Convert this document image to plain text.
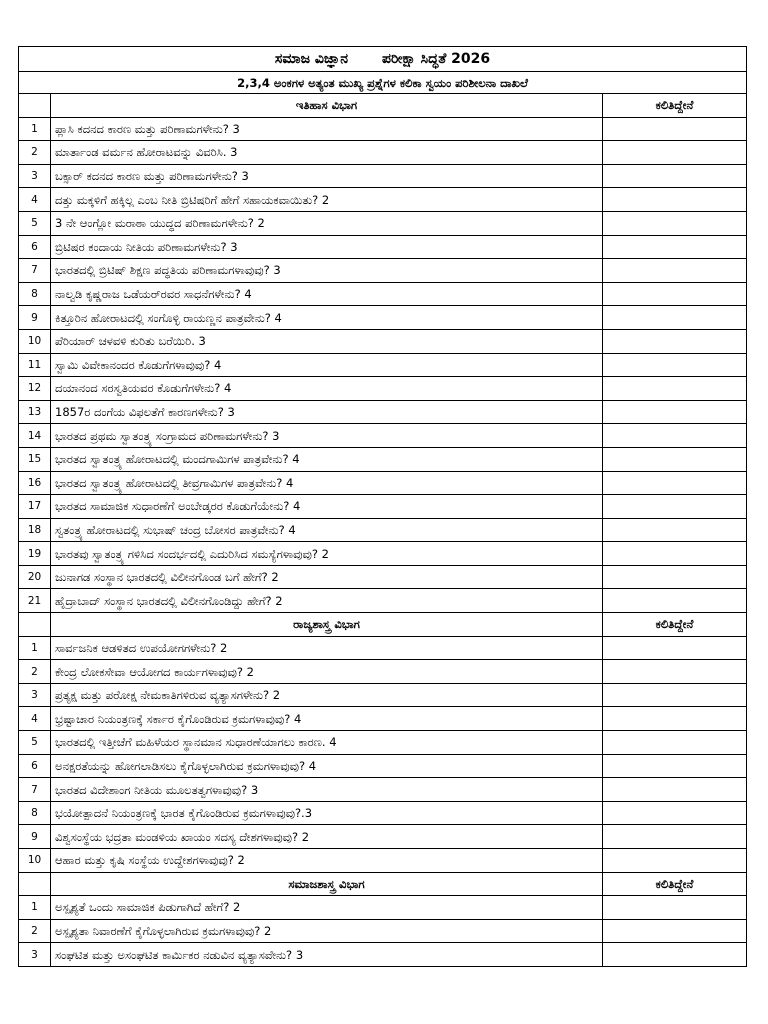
ಸಮಾಜ ವಿಜ್ಞಾನ ಪರೀಕ್ಷಾ ಸಿದ್ಧತೆ 2026		
2,3,4 ಅಂಕಗಳ ಅತ್ಯಂತ ಮುಖ್ಯ ಪ್ರಶ್ನೆಗಳ ಕಲಿಕಾ ಸ್ವಯಂ ಪರಿಶೀಲನಾ ದಾಖಲೆ		
	ಇತಿಹಾಸ ವಿಭಾಗ	ಕಲಿತಿದ್ದೇನೆ
1	ಪ್ಲಾಸಿ ಕದನದ ಕಾರಣ ಮತ್ತು ಪರಿಣಾಮಗಳೇನು? 3	
2	ಮಾರ್ತಾಂಡ ವರ್ಮನ ಹೋರಾಟವನ್ನು ವಿವರಿಸಿ. 3	
3	ಬಕ್ಸಾರ್ ಕದನದ ಕಾರಣ ಮತ್ತು ಪರಿಣಾಮಗಳೇನು? 3	
4	ದತ್ತು ಮಕ್ಕಳಿಗೆ ಹಕ್ಕಿಲ್ಲ ಎಂಬ ನೀತಿ ಬ್ರಿಟಿಷರಿಗೆ ಹೇಗೆ ಸಹಾಯಕವಾಯಿತು? 2	
5	3 ನೇ ಆಂಗ್ಲೋ ಮರಾಠಾ ಯುದ್ಧದ ಪರಿಣಾಮಗಳೇನು? 2	
6	ಬ್ರಿಟಿಷರ ಕಂದಾಯ ನೀತಿಯ ಪರಿಣಾಮಗಳೇನು? 3	
7	ಭಾರತದಲ್ಲಿ ಬ್ರಿಟಿಷ್ ಶಿಕ್ಷಣ ಪದ್ಧತಿಯ ಪರಿಣಾಮಗಳಾವುವು? 3	
8	ನಾಲ್ವಡಿ ಕೃಷ್ಣರಾಜ ಒಡೆಯರ್‌ರವರ ಸಾಧನೆಗಳೇನು? 4	
9	ಕಿತ್ತೂರಿನ ಹೋರಾಟದಲ್ಲಿ ಸಂಗೊಳ್ಳಿ ರಾಯಣ್ಣನ ಪಾತ್ರವೇನು? 4	
10	ಪೆರಿಯಾರ್ ಚಳವಳಿ ಕುರಿತು ಬರೆಯಿರಿ. 3	
11	ಸ್ವಾಮಿ ವಿವೇಕಾನಂದರ ಕೊಡುಗೆಗಳಾವುವು? 4	
12	ದಯಾನಂದ ಸರಸ್ವತಿಯವರ ಕೊಡುಗೆಗಳೇನು? 4	
13	1857ರ ದಂಗೆಯ ವಿಫಲತೆಗೆ ಕಾರಣಗಳೇನು? 3	
14	ಭಾರತದ ಪ್ರಥಮ ಸ್ವಾತಂತ್ರ್ಯ ಸಂಗ್ರಾಮದ ಪರಿಣಾಮಗಳೇನು? 3	
15	ಭಾರತದ ಸ್ವಾತಂತ್ರ್ಯ ಹೋರಾಟದಲ್ಲಿ ಮಂದಗಾಮಿಗಳ ಪಾತ್ರವೇನು? 4	
16	ಭಾರತದ ಸ್ವಾತಂತ್ರ್ಯ ಹೋರಾಟದಲ್ಲಿ ತೀವ್ರಗಾಮಿಗಳ ಪಾತ್ರವೇನು? 4	
17	ಭಾರತದ ಸಾಮಾಜಿಕ ಸುಧಾರಣೆಗೆ ಅಂಬೇಡ್ಕರರ ಕೊಡುಗೆಯೇನು? 4	
18	ಸ್ವತಂತ್ರ್ಯ ಹೋರಾಟದಲ್ಲಿ ಸುಭಾಷ್ ಚಂದ್ರ ಬೋಸರ ಪಾತ್ರವೇನು? 4	
19	ಭಾರತವು ಸ್ವಾತಂತ್ರ್ಯ ಗಳಿಸಿದ ಸಂದರ್ಭದಲ್ಲಿ ಎದುರಿಸಿದ ಸಮಸ್ಯೆಗಳಾವುವು? 2	
20	ಜುನಾಗಡ ಸಂಸ್ಥಾನ ಭಾರತದಲ್ಲಿ ವಿಲೀನಗೊಂಡ ಬಗೆ ಹೇಗೆ? 2	
21	ಹೈದ್ರಾಬಾದ್ ಸಂಸ್ಥಾನ ಭಾರತದಲ್ಲಿ ವಿಲೀನಗೊಂಡಿದ್ದು ಹೇಗೆ? 2	
	ರಾಜ್ಯಶಾಸ್ತ್ರ ವಿಭಾಗ	ಕಲಿತಿದ್ದೇನೆ
1	ಸಾರ್ವಜನಿಕ ಆಡಳಿತದ ಉಪಯೋಗಗಳೇನು? 2	
2	ಕೇಂದ್ರ ಲೋಕಸೇವಾ ಆಯೋಗದ ಕಾರ್ಯಗಳಾವುವು? 2	
3	ಪ್ರತ್ಯಕ್ಷ ಮತ್ತು ಪರೋಕ್ಷ ನೇಮಕಾತಿಗಳಿರುವ ವ್ಯತ್ಯಾಸಗಳೇನು? 2	
4	ಭ್ರಷ್ಟಾಚಾರ ನಿಯಂತ್ರಣಕ್ಕೆ ಸರ್ಕಾರ ಕೈಗೊಂಡಿರುವ ಕ್ರಮಗಳಾವುವು? 4	
5	ಭಾರತದಲ್ಲಿ ಇತ್ತೀಚೆಗೆ ಮಹಿಳೆಯರ ಸ್ಥಾನಮಾನ ಸುಧಾರಣೆಯಾಗಲು ಕಾರಣ. 4	
6	ಅನಕ್ಷರತೆಯನ್ನು ಹೋಗಲಾಡಿಸಲು ಕೈಗೊಳ್ಳಲಾಗಿರುವ ಕ್ರಮಗಳಾವುವು? 4	
7	ಭಾರತದ ವಿದೇಶಾಂಗ ನೀತಿಯ ಮೂಲತತ್ವಗಳಾವುವು? 3	
8	ಭಯೋತ್ಪಾದನೆ ನಿಯಂತ್ರಣಕ್ಕೆ ಭಾರತ ಕೈಗೊಂಡಿರುವ ಕ್ರಮಗಳಾವುವು?.3	
9	ವಿಶ್ವಸಂಸ್ಥೆಯ ಭದ್ರತಾ ಮಂಡಳಿಯ ಖಾಯಂ ಸದಸ್ಯ ದೇಶಗಳಾವುವು? 2	
10	ಆಹಾರ ಮತ್ತು ಕೃಷಿ ಸಂಸ್ಥೆಯ ಉದ್ದೇಶಗಳಾವುವು? 2	
	ಸಮಾಜಶಾಸ್ತ್ರ ವಿಭಾಗ	ಕಲಿತಿದ್ದೇನೆ
1	ಅಸ್ಪೃಶ್ಯತೆ ಒಂದು ಸಾಮಾಜಿಕ ಪಿಡುಗಾಗಿದೆ ಹೇಗೆ? 2	
2	ಅಸ್ಪೃಶ್ಯತಾ ನಿವಾರಣೆಗೆ ಕೈಗೊಳ್ಳಲಾಗಿರುವ ಕ್ರಮಗಳಾವುವು? 2	
3	ಸಂಘಟಿತ ಮತ್ತು ಅಸಂಘಟಿತ ಕಾರ್ಮಿಕರ ನಡುವಿನ ವ್ಯತ್ಯಾಸವೇನು? 3	
